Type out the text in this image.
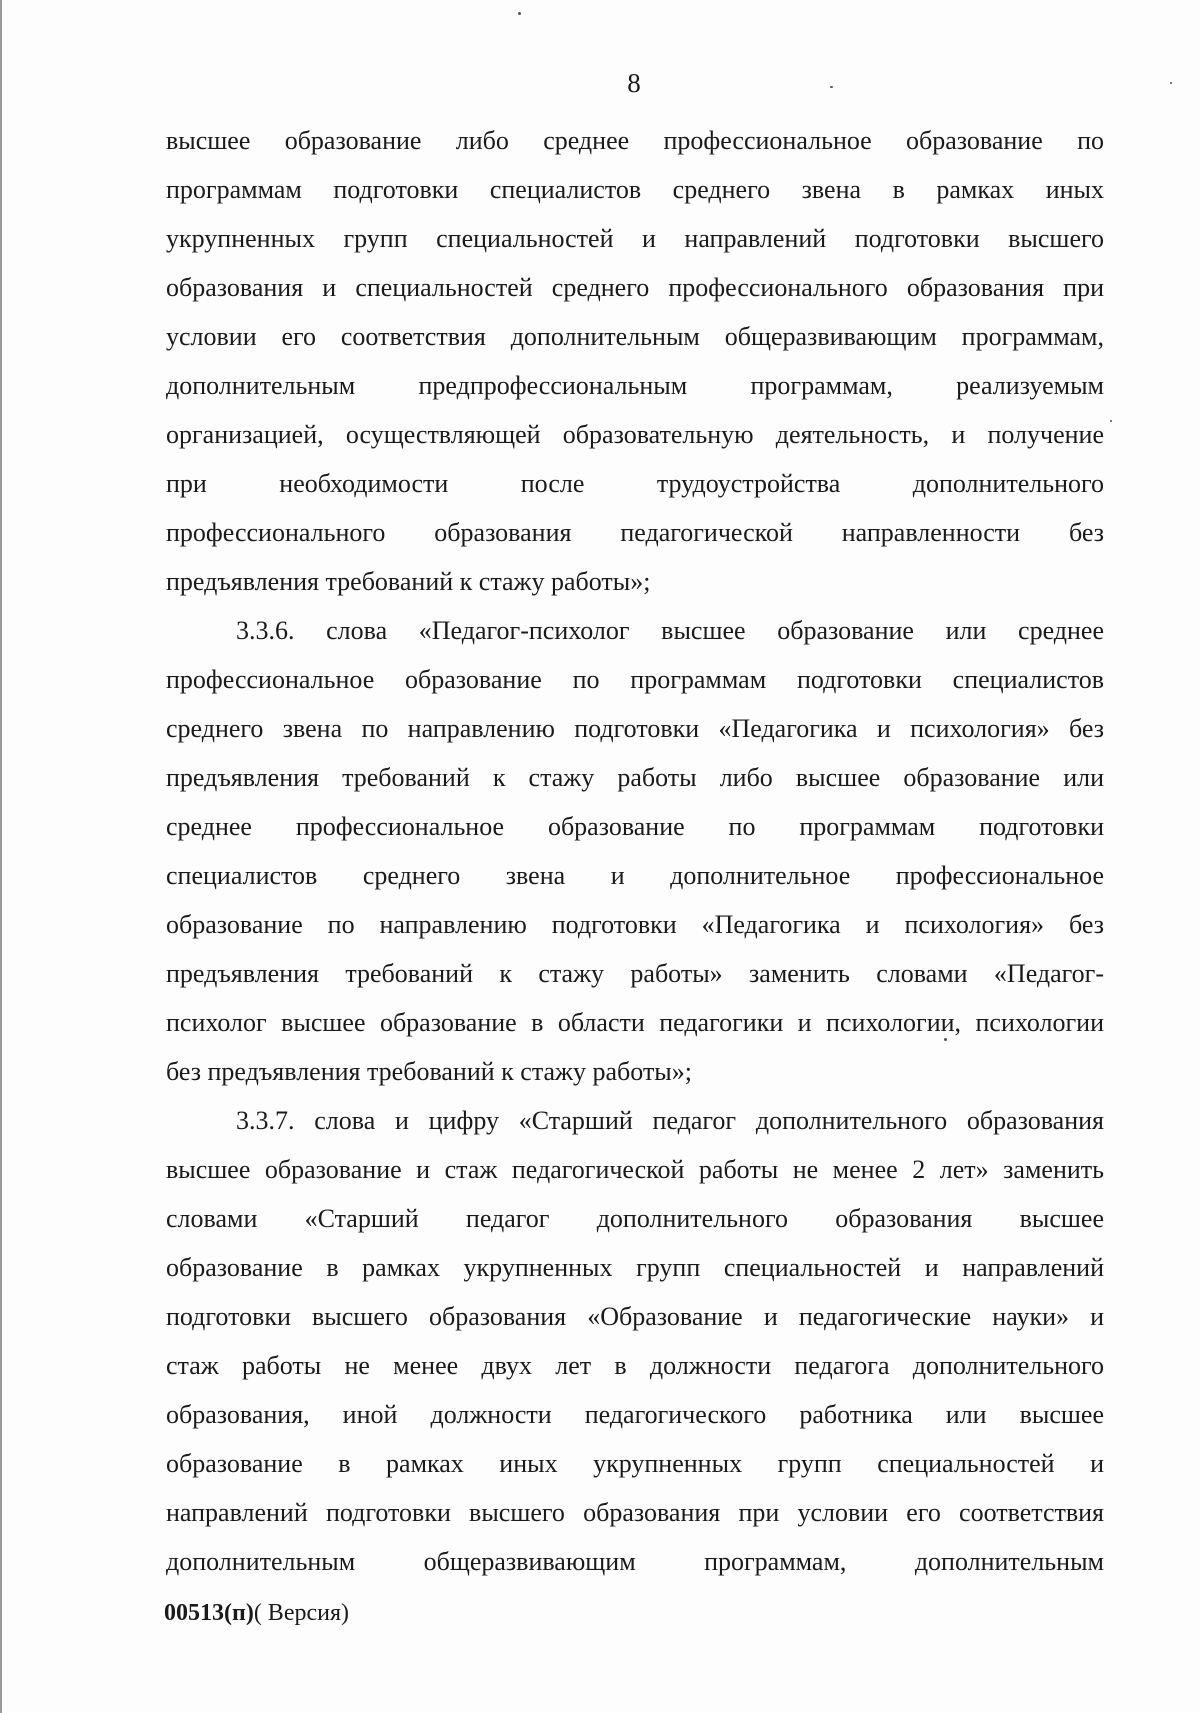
8

высшее образование либо среднее профессиональное образование по
программам подготовки специалистов среднего звена в рамках иных
укрупненных групп специальностей и направлений подготовки высшего
образования и специальностей среднего профессионального образования при
условии его соответствия дополнительным общеразвивающим программам,
дополнительным предпрофессиональным программам, реализуемым
организацией, осуществляющей образовательную деятельность, и получение
при необходимости после трудоустройства дополнительного
профессионального образования педагогической направленности без
предъявления требований к стажу работы»;

3.3.6. слова «Педагог-психолог высшее образование или среднее
профессиональное образование по программам подготовки специалистов
среднего звена по направлению подготовки «Педагогика и психология» без
предъявления требований к стажу работы либо высшее образование или
среднее профессиональное образование по программам подготовки
специалистов среднего звена и дополнительное профессиональное
образование по направлению подготовки «Педагогика и психология» без
предъявления требований к стажу работы» заменить словами «Педагог-
психолог высшее образование в области педагогики и психологии, психологии
без предъявления требований к стажу работы»;

3.3.7. слова и цифру «Старший педагог дополнительного образования
высшее образование и стаж педагогической работы не менее 2 лет» заменить
словами «Старший педагог дополнительного образования высшее
образование в рамках укрупненных групп специальностей и направлений
подготовки высшего образования «Образование и педагогические науки» и
стаж работы не менее двух лет в должности педагога дополнительного
образования, иной должности педагогического работника или высшее
образование в рамках иных укрупненных групп специальностей и
направлений подготовки высшего образования при условии его соответствия
дополнительным общеразвивающим программам, дополнительным

00513(п)( Версия)
